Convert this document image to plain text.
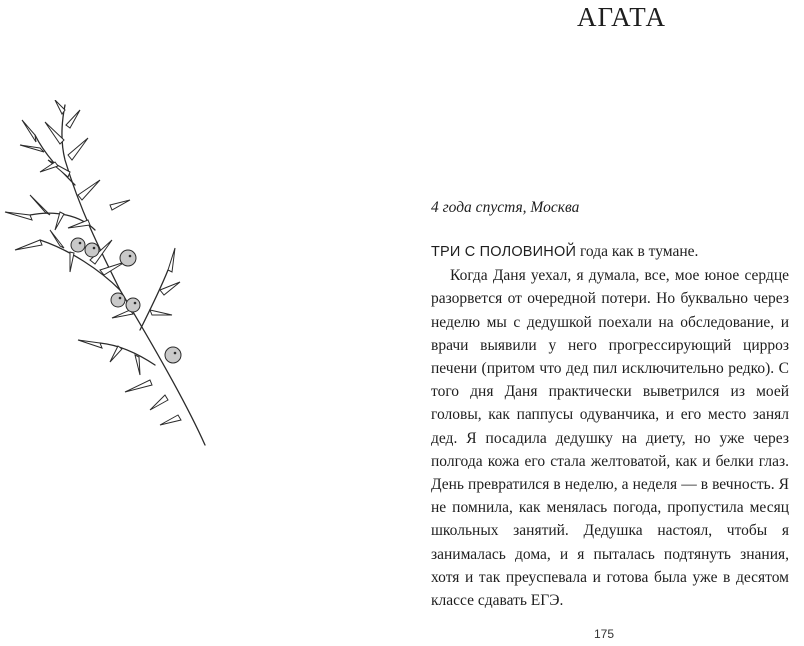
АГАТА
4 года спустя, Москва

ТРИ С ПОЛОВИНОЙ года как в тумане.

Когда Даня уехал, я думала, все, мое юное сердце разорвется от очередной потери. Но буквально через неделю мы с дедушкой поехали на обследование, и врачи выявили у него прогрессирующий цирроз печени (притом что дед пил исключительно редко). С того дня Даня практически выветрился из моей головы, как паппусы одуванчика, и его место занял дед. Я посадила дедушку на диету, но уже через полгода кожа его стала желтоватой, как и белки глаз. День превратился в неделю, а неделя — в вечность. Я не помнила, как менялась погода, пропустила месяц школьных занятий. Дедушка настоял, чтобы я занималась дома, и я пыталась подтянуть знания, хотя и так преуспевала и готова была уже в десятом классе сдавать ЕГЭ.

175
